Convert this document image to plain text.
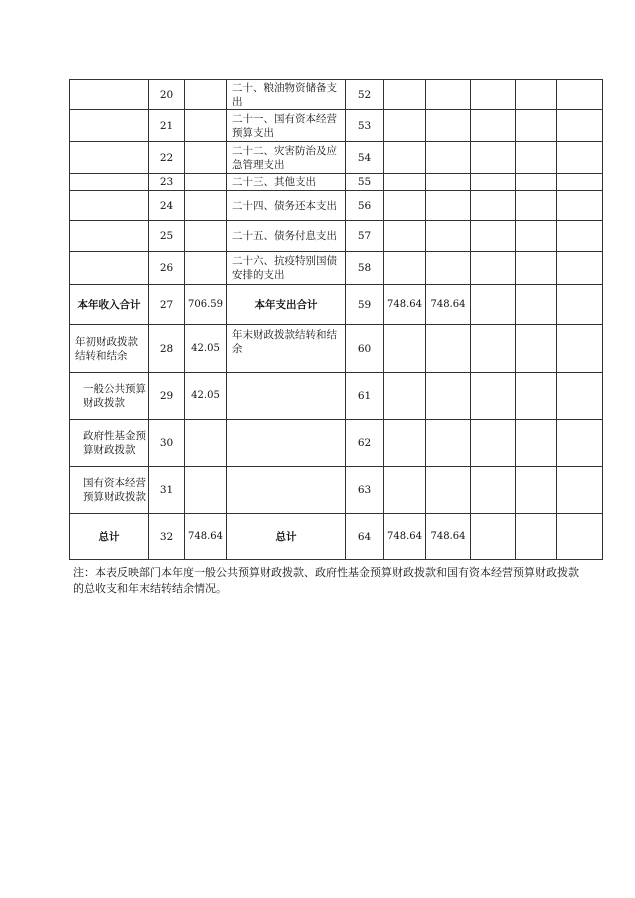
	20		二十、粮油物资储备支出	52					
	21		二十一、国有资本经营预算支出	53					
	22		二十二、灾害防治及应急管理支出	54					
	23		二十三、其他支出	55					
	24		二十四、债务还本支出	56					
	25		二十五、债务付息支出	57					
	26		二十六、抗疫特别国债安排的支出	58					
本年收入合计	27	706.59	本年支出合计	59	748.64	748.64			
年初财政拨款结转和结余	28	42.05	年末财政拨款结转和结余	60					
一般公共预算财政拨款	29	42.05		61					
政府性基金预算财政拨款	30			62					
国有资本经营预算财政拨款	31			63					
总计	32	748.64	总计	64	748.64	748.64			
注：本表反映部门本年度一般公共预算财政拨款、政府性基金预算财政拨款和国有资本经营预算财政拨款的总收支和年末结转结余情况。
